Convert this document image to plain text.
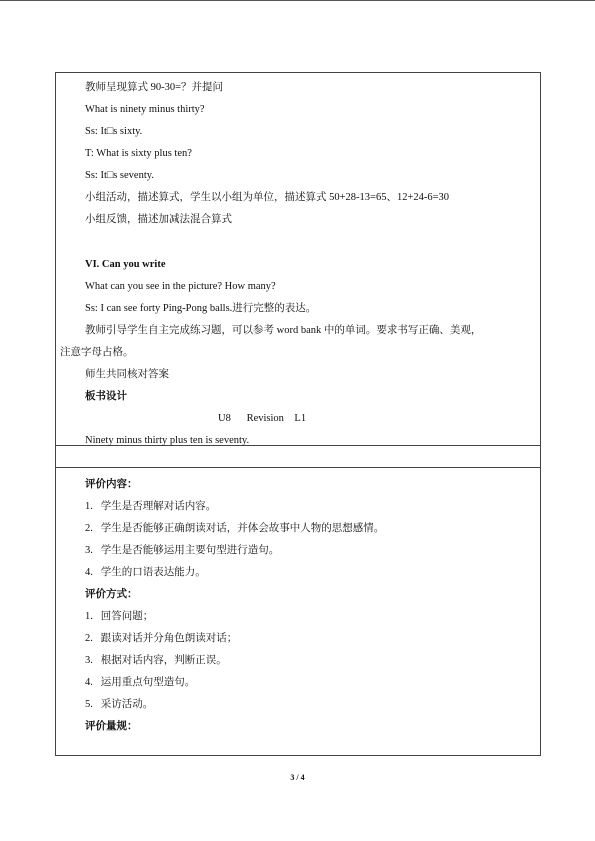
教师呈现算式 90-30=？并提问
What is ninety minus thirty?
Ss: It□s sixty.
T: What is sixty plus ten?
Ss: It□s seventy.
小组活动，描述算式，学生以小组为单位，描述算式 50+28-13=65、12+24-6=30
小组反馈，描述加减法混合算式
VI. Can you write
What can you see in the picture? How many?
Ss: I can see forty Ping-Pong balls.进行完整的表达。
教师引导学生自主完成练习题，可以参考 word bank 中的单词。要求书写正确、美观，
注意字母占格。
师生共同核对答案
板书设计
U8      Revision    L1
Ninety minus thirty plus ten is seventy.
评价内容：
1.   学生是否理解对话内容。
2.   学生是否能够正确朗读对话，并体会故事中人物的思想感情。
3.   学生是否能够运用主要句型进行造句。
4.   学生的口语表达能力。
评价方式：
1.   回答问题；
2.   跟读对话并分角色朗读对话；
3.   根据对话内容，判断正误。
4.   运用重点句型造句。
5.   采访活动。
评价量规：
3 / 4
